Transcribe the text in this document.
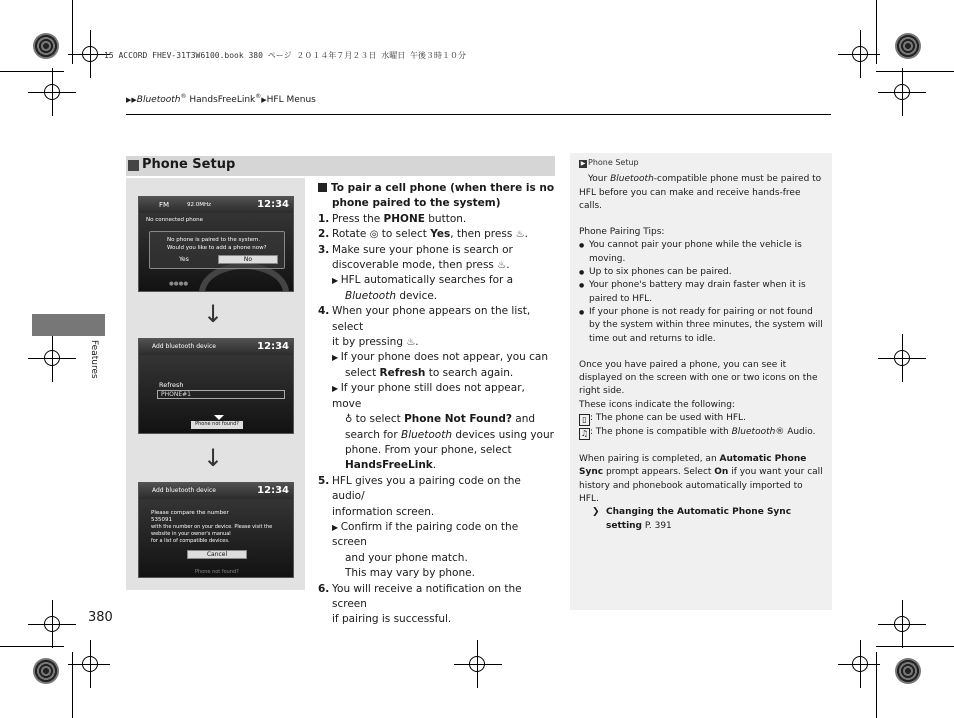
15 ACCORD FHEV-31T3W6100.book 380 ページ ２０１４年７月２３日 水曜日 午後３時１０分
▶▶Bluetooth® HandsFreeLink®▶HFL Menus
Features
380
Phone Setup
FM	92.0MHz	12:34
No connected phone
No phone is paired to the system.
Would you like to add a phone now?
Yes	No
●●●●
↓
Add bluetooth device	12:34
Refresh
PHONE#1
Phone not found?
↓
Add bluetooth device	12:34
Please compare the number
535091
with the number on your device. Please visit the
website in your owner's manual
for a list of compatible devices.
Cancel
Phone not found?
To pair a cell phone (when there is no
phone paired to the system)
1. Press the PHONE button.
2. Rotate ◎ to select Yes, then press ♨.
3. Make sure your phone is search or
discoverable mode, then press ♨.
▶ HFL automatically searches for a
Bluetooth device.
4. When your phone appears on the list, select
it by pressing ♨.
▶ If your phone does not appear, you can
select Refresh to search again.
▶ If your phone still does not appear, move
♁ to select Phone Not Found? and
search for Bluetooth devices using your
phone. From your phone, select
HandsFreeLink.
5. HFL gives you a pairing code on the audio/
information screen.
▶ Confirm if the pairing code on the screen
and your phone match.
This may vary by phone.
6. You will receive a notification on the screen
if pairing is successful.
▶ Phone Setup
Your Bluetooth-compatible phone must be paired to
HFL before you can make and receive hands-free
calls.
Phone Pairing Tips:
● You cannot pair your phone while the vehicle is
moving.
● Up to six phones can be paired.
● Your phone's battery may drain faster when it is
paired to HFL.
● If your phone is not ready for pairing or not found
by the system within three minutes, the system will
time out and returns to idle.
Once you have paired a phone, you can see it
displayed on the screen with one or two icons on the
right side.
These icons indicate the following:
▯ : The phone can be used with HFL.
♫ : The phone is compatible with Bluetooth® Audio.
When pairing is completed, an Automatic Phone
Sync prompt appears. Select On if you want your call
history and phonebook automatically imported to
HFL.
❯ Changing the Automatic Phone Sync
setting P. 391
